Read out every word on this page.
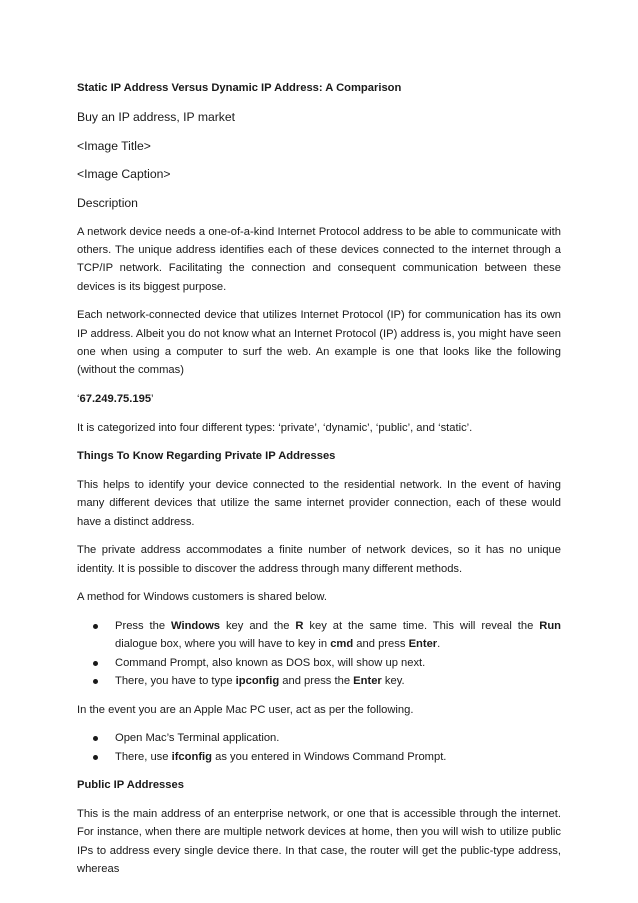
Static IP Address Versus Dynamic IP Address: A Comparison

Buy an IP address, IP market

<Image Title>

<Image Caption>

Description

A network device needs a one-of-a-kind Internet Protocol address to be able to communicate with others. The unique address identifies each of these devices connected to the internet through a TCP/IP network. Facilitating the connection and consequent communication between these devices is its biggest purpose.

Each network-connected device that utilizes Internet Protocol (IP) for communication has its own IP address. Albeit you do not know what an Internet Protocol (IP) address is, you might have seen one when using a computer to surf the web. An example is one that looks like the following (without the commas)

‘67.249.75.195’

It is categorized into four different types: ‘private’, ‘dynamic’, ‘public’, and ‘static’.

Things To Know Regarding Private IP Addresses

This helps to identify your device connected to the residential network. In the event of having many different devices that utilize the same internet provider connection, each of these would have a distinct address.

The private address accommodates a finite number of network devices, so it has no unique identity. It is possible to discover the address through many different methods.

A method for Windows customers is shared below.

Press the Windows key and the R key at the same time. This will reveal the Run dialogue box, where you will have to key in cmd and press Enter.
Command Prompt, also known as DOS box, will show up next.
There, you have to type ipconfig and press the Enter key.

In the event you are an Apple Mac PC user, act as per the following.

Open Mac’s Terminal application.
There, use ifconfig as you entered in Windows Command Prompt.

Public IP Addresses

This is the main address of an enterprise network, or one that is accessible through the internet. For instance, when there are multiple network devices at home, then you will wish to utilize public IPs to address every single device there. In that case, the router will get the public-type address, whereas
